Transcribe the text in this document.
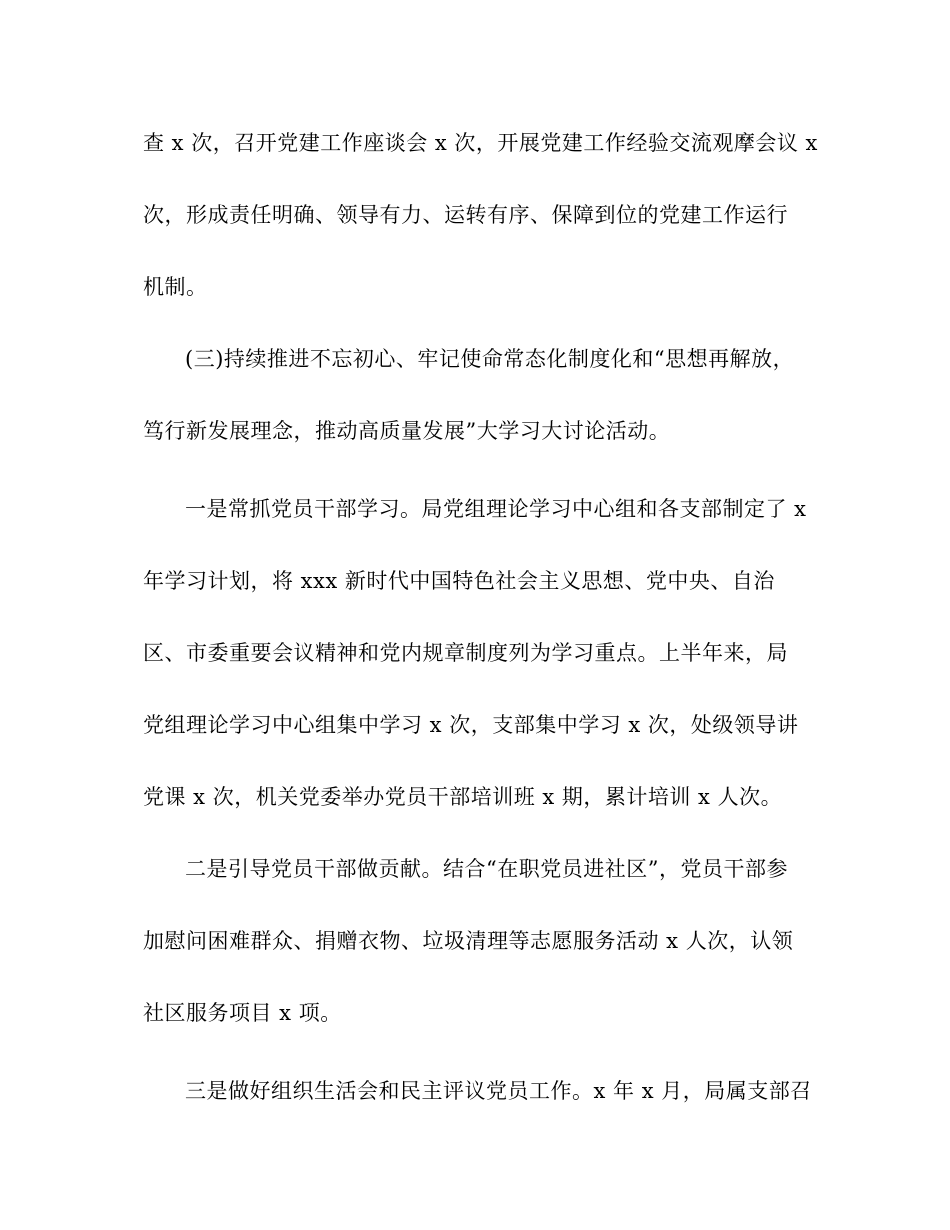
查 x 次，召开党建工作座谈会 x 次，开展党建工作经验交流观摩会议 x
次，形成责任明确、领导有力、运转有序、保障到位的党建工作运行
机制。
(三)持续推进不忘初心、牢记使命常态化制度化和“思想再解放，
笃行新发展理念，推动高质量发展”大学习大讨论活动。
一是常抓党员干部学习。局党组理论学习中心组和各支部制定了 x
年学习计划，将 xxx 新时代中国特色社会主义思想、党中央、自治
区、市委重要会议精神和党内规章制度列为学习重点。上半年来，局
党组理论学习中心组集中学习 x 次，支部集中学习 x 次，处级领导讲
党课 x 次，机关党委举办党员干部培训班 x 期，累计培训 x 人次。
二是引导党员干部做贡献。结合“在职党员进社区”，党员干部参
加慰问困难群众、捐赠衣物、垃圾清理等志愿服务活动 x 人次，认领
社区服务项目 x 项。
三是做好组织生活会和民主评议党员工作。x 年 x 月，局属支部召
